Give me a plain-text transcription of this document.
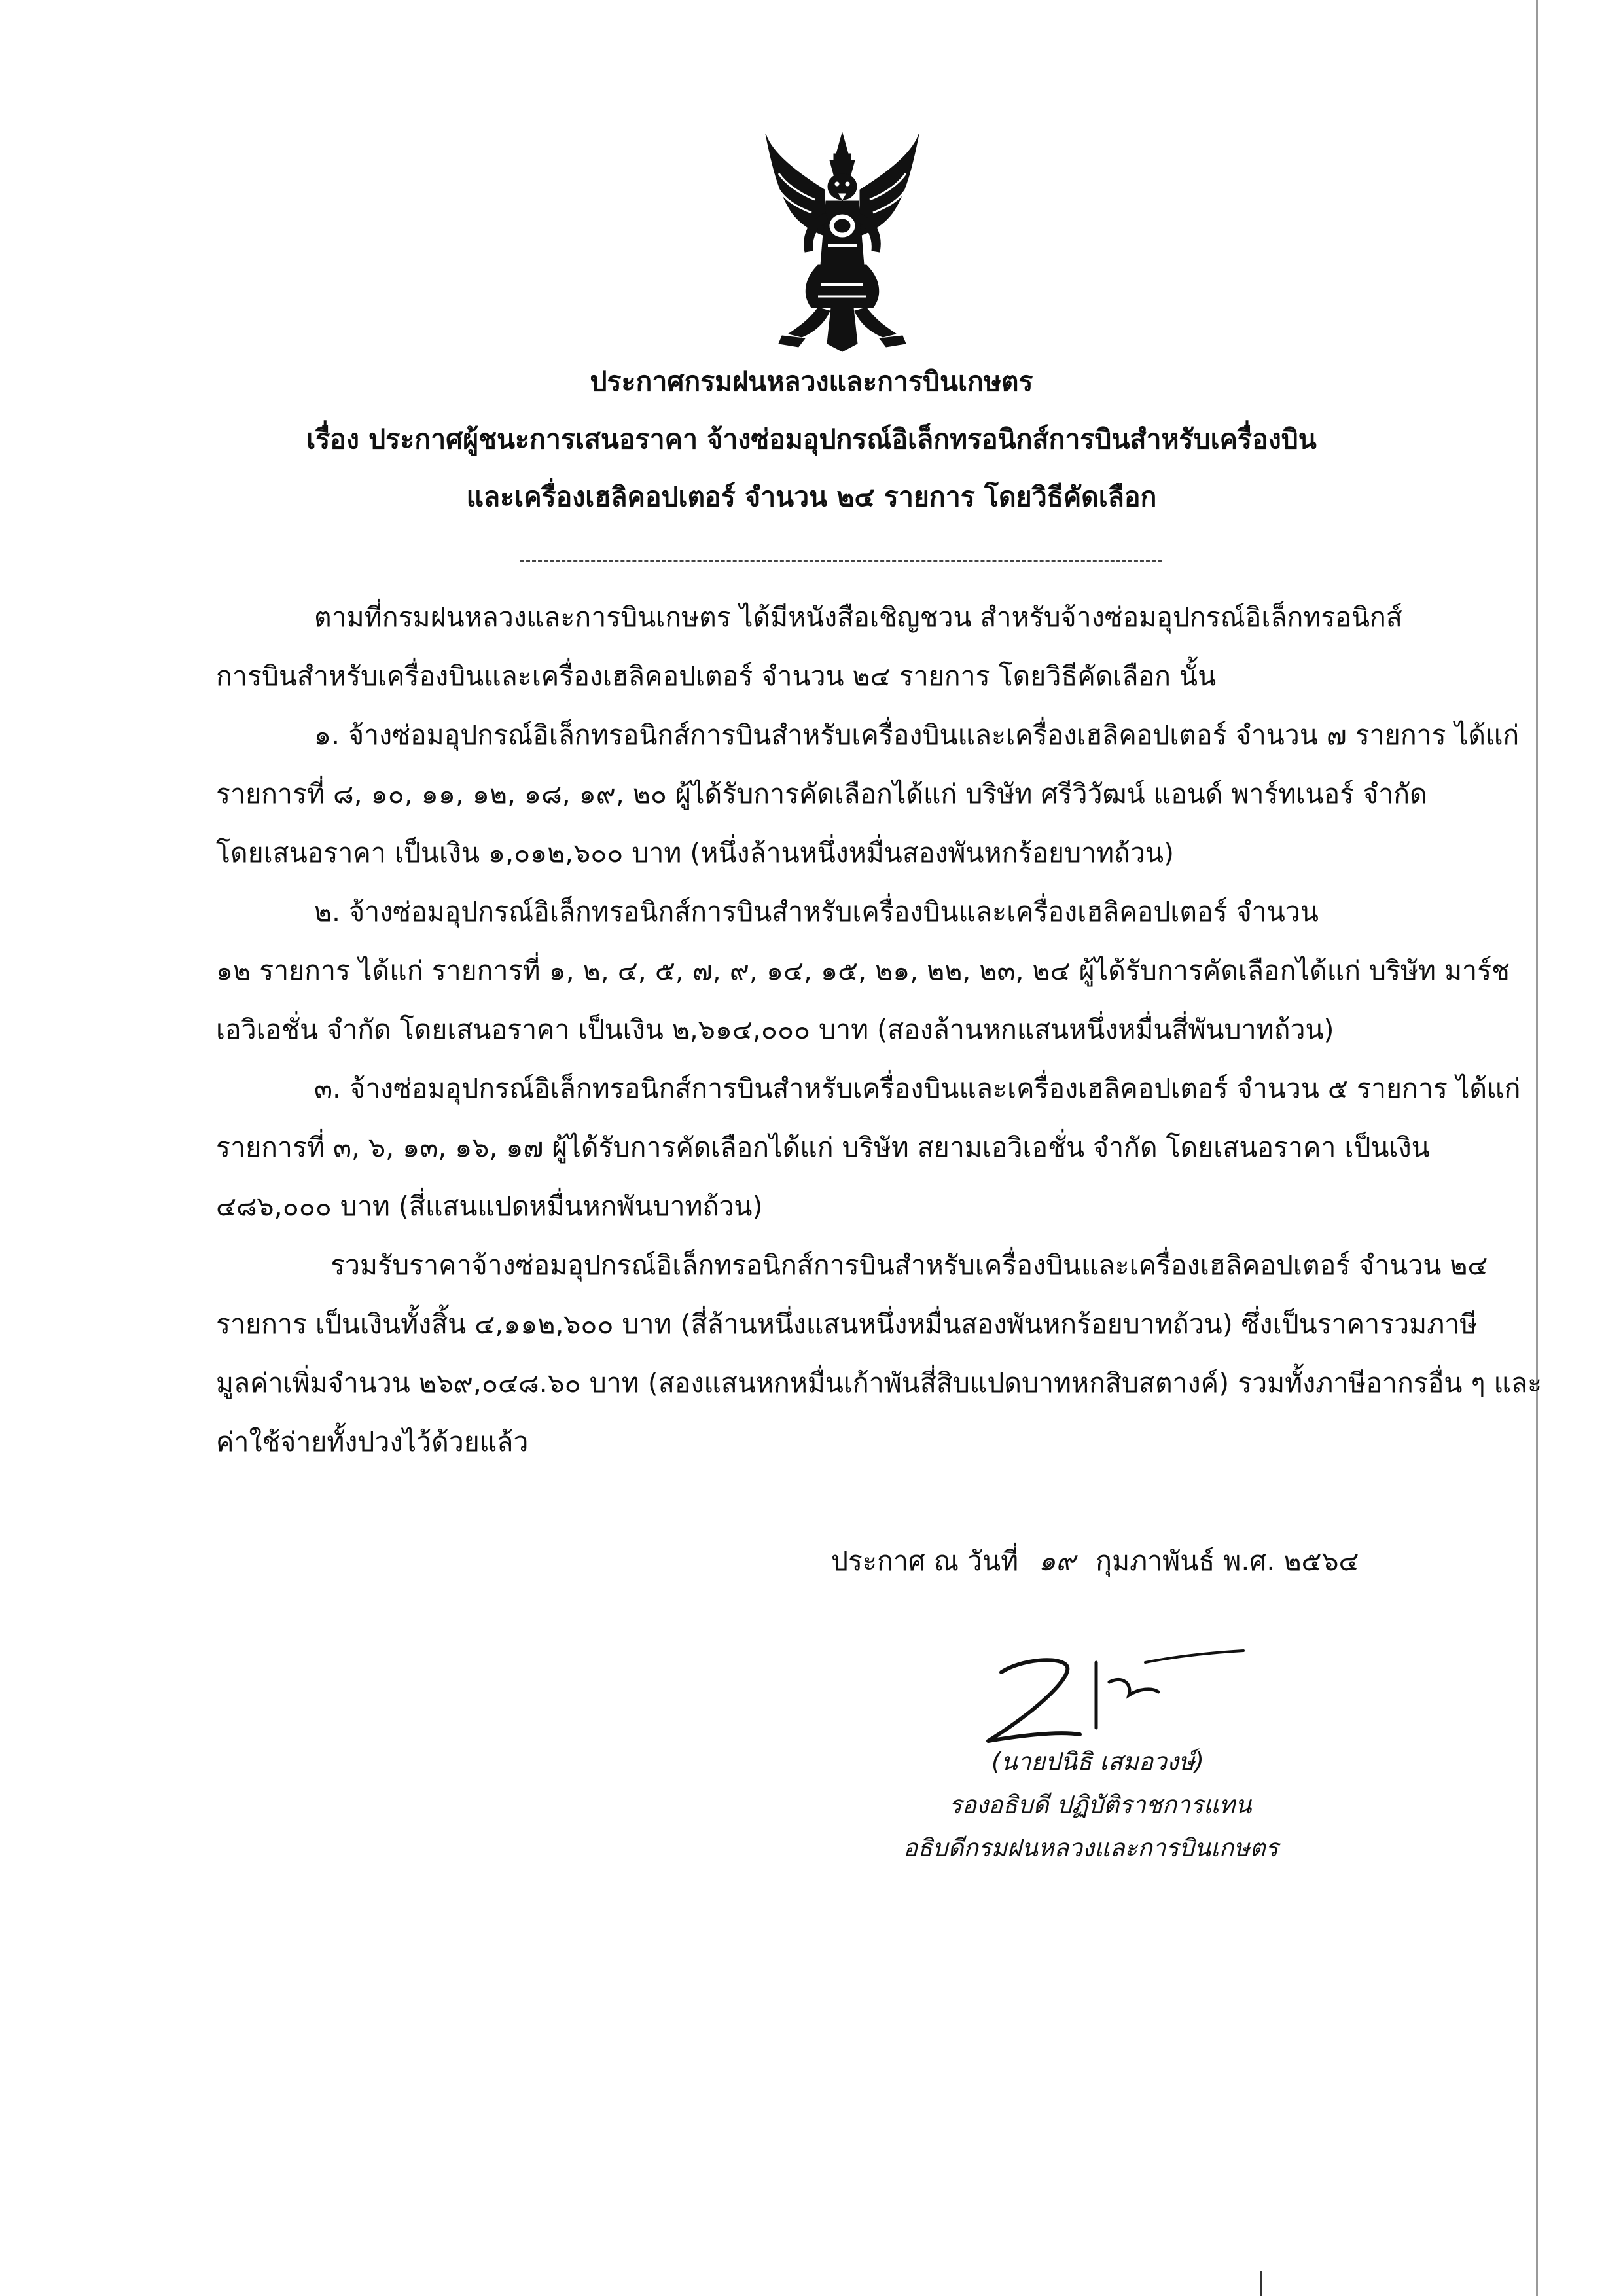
ประกาศกรมฝนหลวงและการบินเกษตร
เรื่อง ประกาศผู้ชนะการเสนอราคา จ้างซ่อมอุปกรณ์อิเล็กทรอนิกส์การบินสำหรับเครื่องบิน
และเครื่องเฮลิคอปเตอร์ จำนวน ๒๔ รายการ โดยวิธีคัดเลือก
ตามที่กรมฝนหลวงและการบินเกษตร ได้มีหนังสือเชิญชวน สำหรับจ้างซ่อมอุปกรณ์อิเล็กทรอนิกส์
การบินสำหรับเครื่องบินและเครื่องเฮลิคอปเตอร์ จำนวน ๒๔ รายการ โดยวิธีคัดเลือก นั้น
๑. จ้างซ่อมอุปกรณ์อิเล็กทรอนิกส์การบินสำหรับเครื่องบินและเครื่องเฮลิคอปเตอร์ จำนวน ๗ รายการ ได้แก่
รายการที่ ๘, ๑๐, ๑๑, ๑๒, ๑๘, ๑๙, ๒๐ ผู้ได้รับการคัดเลือกได้แก่ บริษัท ศรีวิวัฒน์ แอนด์ พาร์ทเนอร์ จำกัด
โดยเสนอราคา เป็นเงิน ๑,๐๑๒,๖๐๐ บาท (หนึ่งล้านหนึ่งหมื่นสองพันหกร้อยบาทถ้วน)
๒. จ้างซ่อมอุปกรณ์อิเล็กทรอนิกส์การบินสำหรับเครื่องบินและเครื่องเฮลิคอปเตอร์ จำนวน
๑๒ รายการ ได้แก่ รายการที่ ๑, ๒, ๔, ๕, ๗, ๙, ๑๔, ๑๕, ๒๑, ๒๒, ๒๓, ๒๔ ผู้ได้รับการคัดเลือกได้แก่ บริษัท มาร์ช
เอวิเอชั่น จำกัด โดยเสนอราคา เป็นเงิน ๒,๖๑๔,๐๐๐ บาท (สองล้านหกแสนหนึ่งหมื่นสี่พันบาทถ้วน)
๓. จ้างซ่อมอุปกรณ์อิเล็กทรอนิกส์การบินสำหรับเครื่องบินและเครื่องเฮลิคอปเตอร์ จำนวน ๕ รายการ ได้แก่
รายการที่ ๓, ๖, ๑๓, ๑๖, ๑๗ ผู้ได้รับการคัดเลือกได้แก่ บริษัท สยามเอวิเอชั่น จำกัด โดยเสนอราคา เป็นเงิน
๔๘๖,๐๐๐ บาท (สี่แสนแปดหมื่นหกพันบาทถ้วน)
รวมรับราคาจ้างซ่อมอุปกรณ์อิเล็กทรอนิกส์การบินสำหรับเครื่องบินและเครื่องเฮลิคอปเตอร์ จำนวน ๒๔
รายการ เป็นเงินทั้งสิ้น ๔,๑๑๒,๖๐๐ บาท (สี่ล้านหนึ่งแสนหนึ่งหมื่นสองพันหกร้อยบาทถ้วน) ซึ่งเป็นราคารวมภาษี
มูลค่าเพิ่มจำนวน ๒๖๙,๐๔๘.๖๐ บาท (สองแสนหกหมื่นเก้าพันสี่สิบแปดบาทหกสิบสตางค์) รวมทั้งภาษีอากรอื่น ๆ และ
ค่าใช้จ่ายทั้งปวงไว้ด้วยแล้ว
ประกาศ ณ วันที่ ๑๙ กุมภาพันธ์ พ.ศ. ๒๕๖๔
(นายปนิธิ เสมอวงษ์)
รองอธิบดี ปฏิบัติราชการแทน
อธิบดีกรมฝนหลวงและการบินเกษตร
